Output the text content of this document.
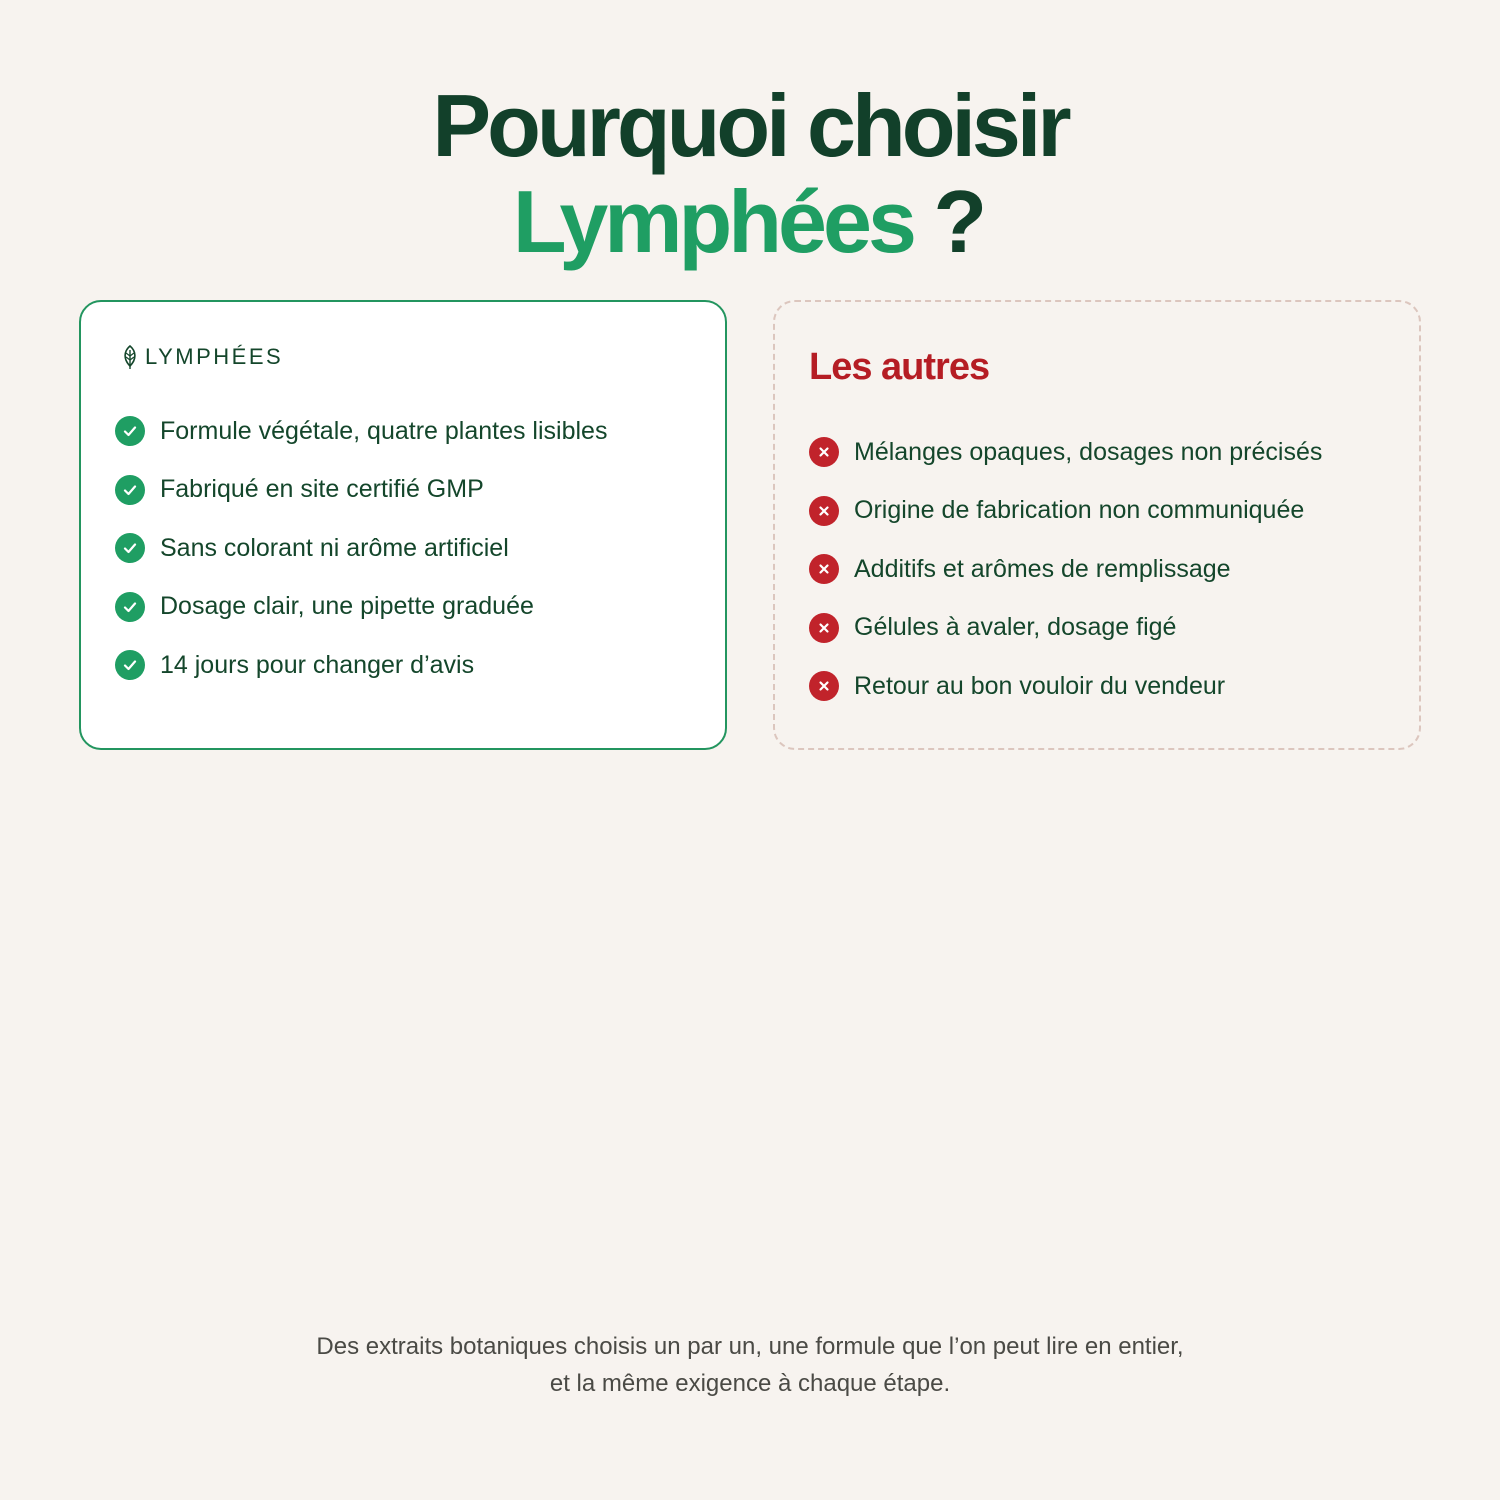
Pourquoi choisir
Lymphées ?
LYMPHÉES
Formule végétale, quatre plantes lisibles
Fabriqué en site certifié GMP
Sans colorant ni arôme artificiel
Dosage clair, une pipette graduée
14 jours pour changer d’avis
Les autres
Mélanges opaques, dosages non précisés
Origine de fabrication non communiquée
Additifs et arômes de remplissage
Gélules à avaler, dosage figé
Retour au bon vouloir du vendeur

Des extraits botaniques choisis un par un, une formule que l’on peut lire en entier,
et la même exigence à chaque étape.
